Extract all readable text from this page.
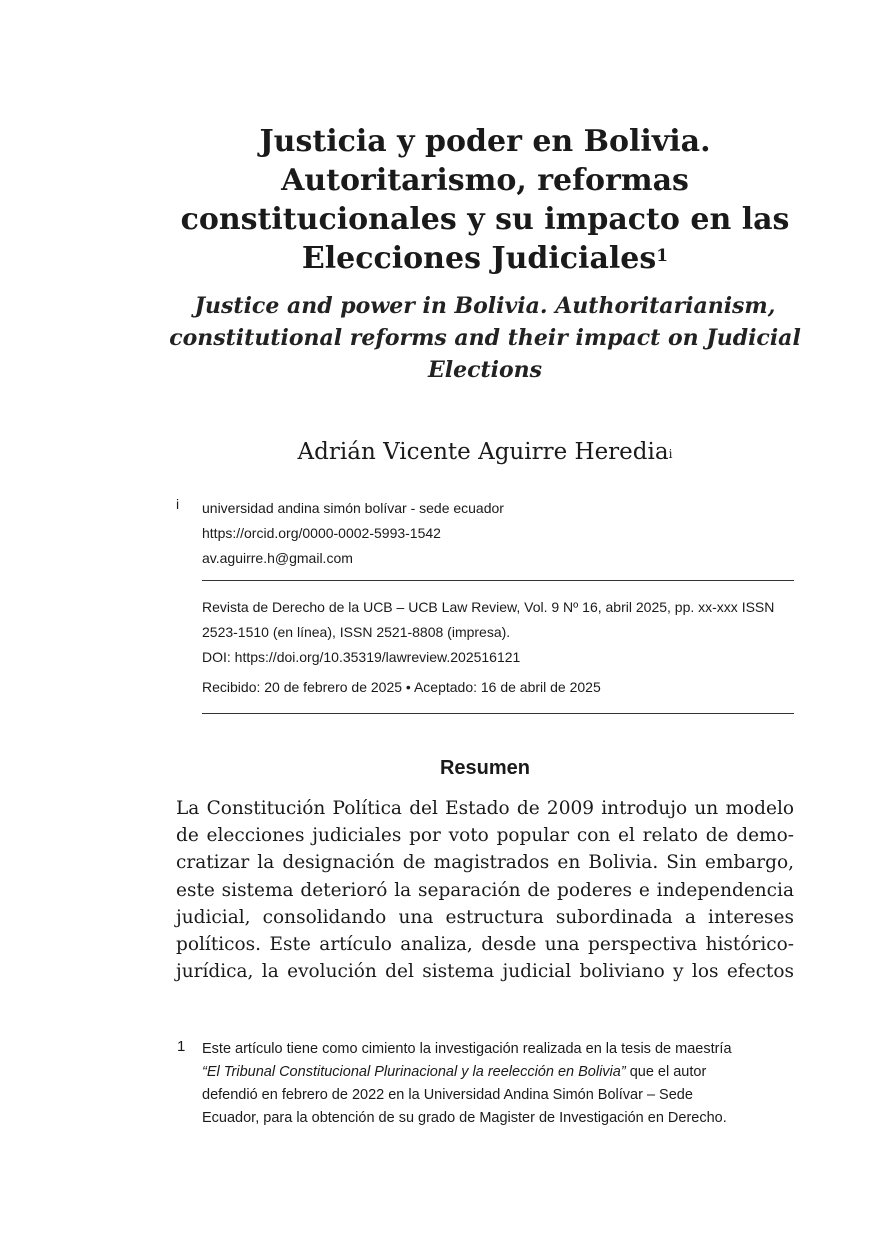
Justicia y poder en Bolivia.
Autoritarismo, reformas
constitucionales y su impacto en las
Elecciones Judiciales$^1$
Justice and power in Bolivia. Authoritarianism,
constitutional reforms and their impact on Judicial
Elections

Adrián Vicente Aguirre Heredia$^i$

i universidad andina simón bolívar - sede ecuador
https://orcid.org/0000-0002-5993-1542
av.aguirre.h@gmail.com
Revista de Derecho de la UCB – UCB Law Review, Vol. 9 Nº 16, abril 2025, pp. xx-xxx ISSN
2523-1510 (en línea), ISSN 2521-8808 (impresa).
DOI: https://doi.org/10.35319/lawreview.202516121
Recibido: 20 de febrero de 2025 • Aceptado: 16 de abril de 2025
Resumen

La Constitución Política del Estado de 2009 introdujo un modelo
de elecciones judiciales por voto popular con el relato de demo-
cratizar la designación de magistrados en Bolivia. Sin embargo,
este sistema deterioró la separación de poderes e independencia
judicial, consolidando una estructura subordinada a intereses
políticos. Este artículo analiza, desde una perspectiva histórico-
jurídica, la evolución del sistema judicial boliviano y los efectos

1 Este artículo tiene como cimiento la investigación realizada en la tesis de maestría
“El Tribunal Constitucional Plurinacional y la reelección en Bolivia” que el autor
defendió en febrero de 2022 en la Universidad Andina Simón Bolívar – Sede
Ecuador, para la obtención de su grado de Magister de Investigación en Derecho.
